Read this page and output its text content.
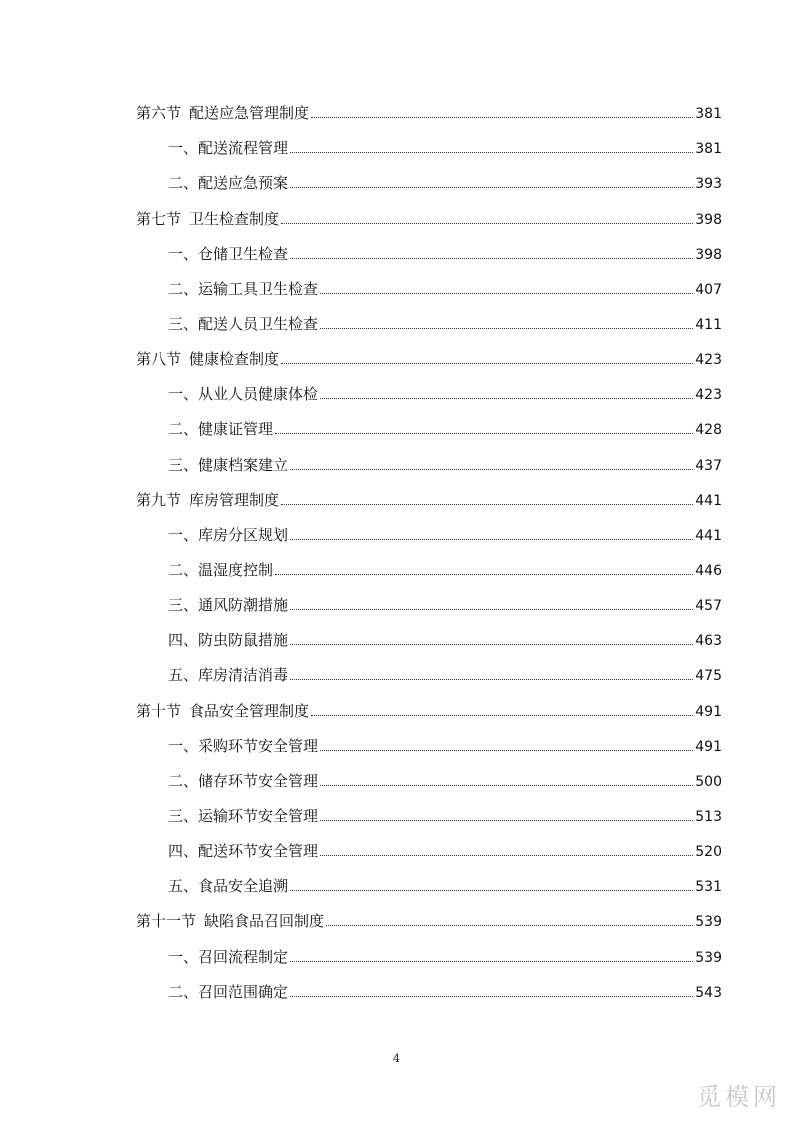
第六节 配送应急管理制度	381
一、配送流程管理	381
二、配送应急预案	393
第七节 卫生检查制度	398
一、仓储卫生检查	398
二、运输工具卫生检查	407
三、配送人员卫生检查	411
第八节 健康检查制度	423
一、从业人员健康体检	423
二、健康证管理	428
三、健康档案建立	437
第九节 库房管理制度	441
一、库房分区规划	441
二、温湿度控制	446
三、通风防潮措施	457
四、防虫防鼠措施	463
五、库房清洁消毒	475
第十节 食品安全管理制度	491
一、采购环节安全管理	491
二、储存环节安全管理	500
三、运输环节安全管理	513
四、配送环节安全管理	520
五、食品安全追溯	531
第十一节 缺陷食品召回制度	539
一、召回流程制定	539
二、召回范围确定	543
4
觅模网
